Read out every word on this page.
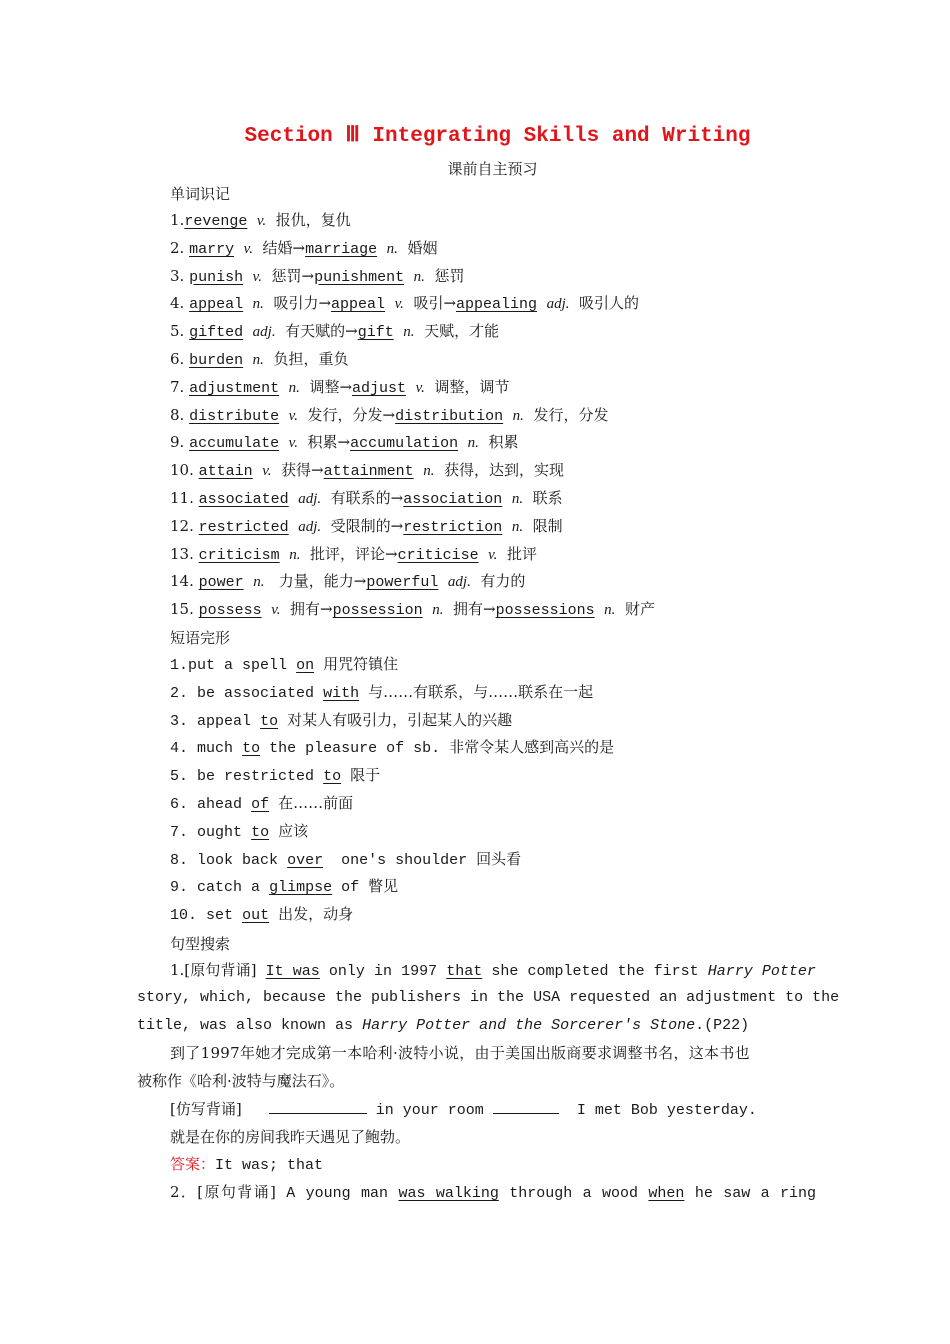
Section Ⅲ Integrating Skills and Writing
课前自主预习
单词识记
1.revenge v. 报仇，复仇
2. marry v. 结婚→marriage n. 婚姻
3. punish v. 惩罚→punishment n. 惩罚
4. appeal n. 吸引力→appeal v. 吸引→appealing adj. 吸引人的
5. gifted adj. 有天赋的→gift n. 天赋，才能
6. burden n. 负担，重负
7. adjustment n. 调整→adjust v. 调整，调节
8. distribute v. 发行，分发→distribution n. 发行，分发
9. accumulate v. 积累→accumulation n. 积累
10. attain v. 获得→attainment n. 获得，达到，实现
11. associated adj. 有联系的→association n. 联系
12. restricted adj. 受限制的→restriction n. 限制
13. criticism n. 批评，评论→criticise v. 批评
14. power n.   力量，能力→powerful adj. 有力的
15. possess v. 拥有→possession n. 拥有→possessions n. 财产
短语完形
1.put a spell on 用咒符镇住
2. be associated with 与……有联系，与……联系在一起
3. appeal to 对某人有吸引力，引起某人的兴趣
4. much to the pleasure of sb. 非常令某人感到高兴的是
5. be restricted to 限于
6. ahead of 在……前面
7. ought to 应该
8. look back over  one's shoulder 回头看
9. catch a glimpse of 瞥见
10. set out 出发，动身
句型搜索
1.[原句背诵] It was only in 1997 that she completed the first Harry Potter
story, which, because the publishers in the USA requested an adjustment to the
title, was also known as Harry Potter and the Sorcerer's Stone.(P22)
到了1997年她才完成第一本哈利·波特小说，由于美国出版商要求调整书名，这本书也
被称作《哈利·波特与魔法石》。
[仿写背诵]	in your room	I met Bob yesterday.
就是在你的房间我昨天遇见了鲍勃。
答案：It was; that
2．[原句背诵] A young man was walking through a wood when he saw a ring
